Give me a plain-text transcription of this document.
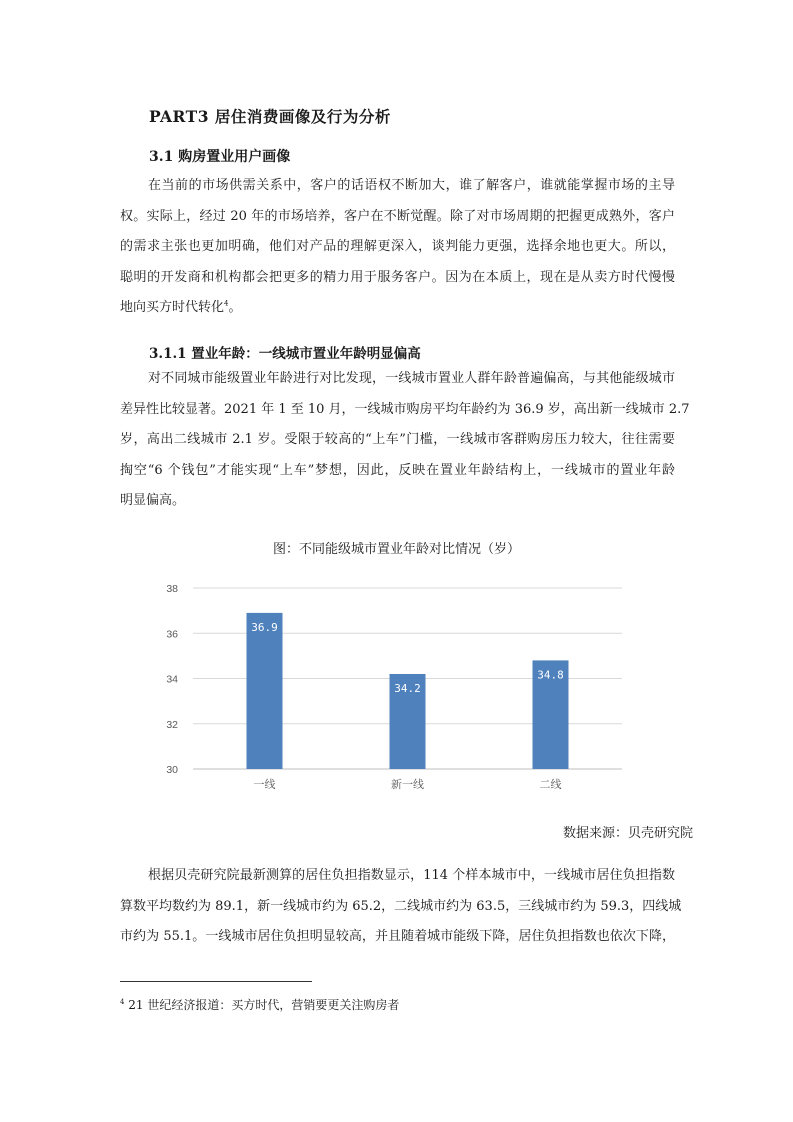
PART3 居住消费画像及行为分析
3.1 购房置业用户画像
在当前的市场供需关系中，客户的话语权不断加大，谁了解客户，谁就能掌握市场的主导
权。实际上，经过 20 年的市场培养，客户在不断觉醒。除了对市场周期的把握更成熟外，客户
的需求主张也更加明确，他们对产品的理解更深入，谈判能力更强，选择余地也更大。所以，
聪明的开发商和机构都会把更多的精力用于服务客户。因为在本质上，现在是从卖方时代慢慢
地向买方时代转化$^4$。
3.1.1 置业年龄：一线城市置业年龄明显偏高
对不同城市能级置业年龄进行对比发现，一线城市置业人群年龄普遍偏高，与其他能级城市
差异性比较显著。2021 年 1 至 10 月，一线城市购房平均年龄约为 36.9 岁，高出新一线城市 2.7
岁，高出二线城市 2.1 岁。受限于较高的“上车”门槛，一线城市客群购房压力较大，往往需要
掏空“6 个钱包”才能实现“上车”梦想，因此，反映在置业年龄结构上，一线城市的置业年龄
明显偏高。
图：不同能级城市置业年龄对比情况（岁）
30
32
34
36
38
36.9
一线
34.2
新一线
34.8
二线
数据来源：贝壳研究院
根据贝壳研究院最新测算的居住负担指数显示，114 个样本城市中，一线城市居住负担指数
算数平均数约为 89.1，新一线城市约为 65.2，二线城市约为 63.5，三线城市约为 59.3，四线城
市约为 55.1。一线城市居住负担明显较高，并且随着城市能级下降，居住负担指数也依次下降，
$^4$ 21 世纪经济报道：买方时代，营销要更关注购房者
